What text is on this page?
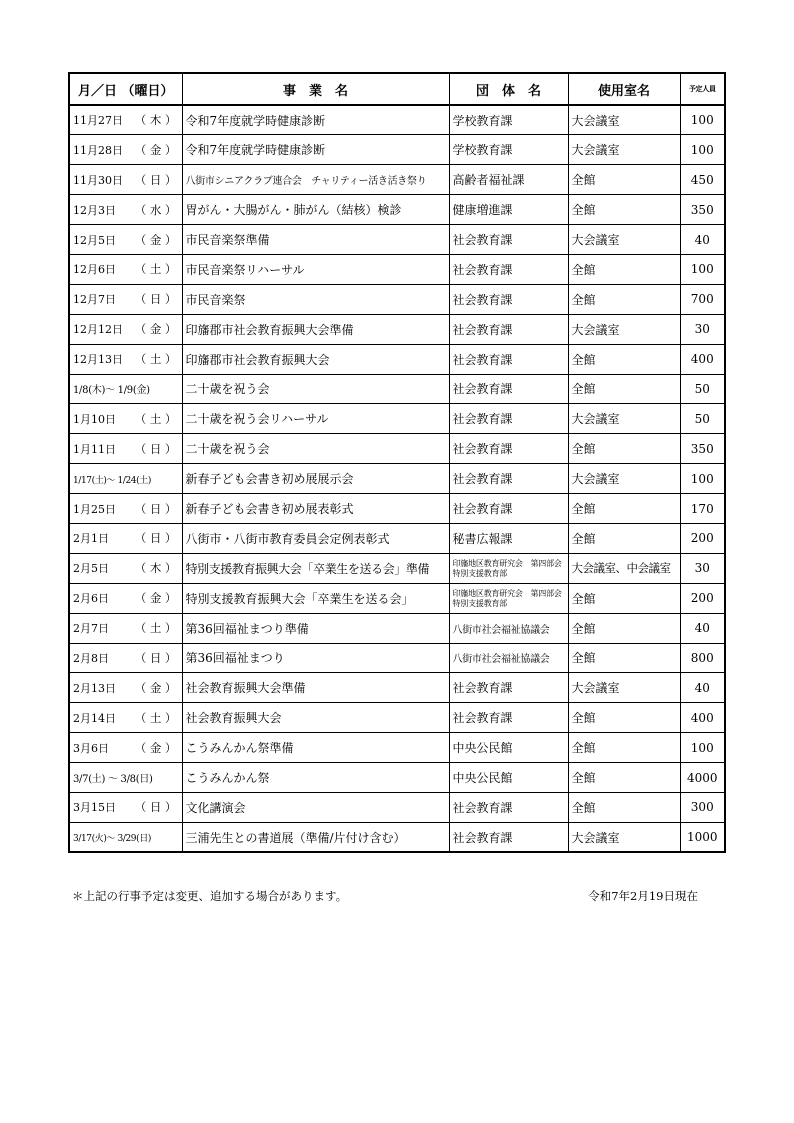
月／日 （曜日）	事　業　名	団　体　名	使用室名	予定人員

11月27日 （ 木 ）	令和7年度就学時健康診断	学校教育課	大会議室	100

11月28日 （ 金 ）	令和7年度就学時健康診断	学校教育課	大会議室	100

11月30日 （ 日 ）	八街市シニアクラブ連合会　チャリティー活き活き祭り	高齢者福祉課	全館	450

12月3日 （ 水 ）	胃がん・大腸がん・肺がん（結核）検診	健康増進課	全館	350

12月5日 （ 金 ）	市民音楽祭準備	社会教育課	大会議室	40

12月6日 （ 土 ）	市民音楽祭リハーサル	社会教育課	全館	100

12月7日 （ 日 ）	市民音楽祭	社会教育課	全館	700

12月12日 （ 金 ）	印旛郡市社会教育振興大会準備	社会教育課	大会議室	30

12月13日 （ 土 ）	印旛郡市社会教育振興大会	社会教育課	全館	400
1/8(木)～ 1/9(金)	二十歳を祝う会	社会教育課	全館	50

1月10日 （ 土 ）	二十歳を祝う会リハーサル	社会教育課	大会議室	50

1月11日 （ 日 ）	二十歳を祝う会	社会教育課	全館	350
1/17(土)～ 1/24(土)	新春子ども会書き初め展展示会	社会教育課	大会議室	100

1月25日 （ 日 ）	新春子ども会書き初め展表彰式	社会教育課	全館	170

2月1日 （ 日 ）	八街市・八街市教育委員会定例表彰式	秘書広報課	全館	200

2月5日 （ 木 ）	特別支援教育振興大会「卒業生を送る会」準備	印旛地区教育研究会　第四部会特別支援教育部	大会議室、中会議室	30

2月6日 （ 金 ）	特別支援教育振興大会「卒業生を送る会」	印旛地区教育研究会　第四部会特別支援教育部	全館	200

2月7日 （ 土 ）	第36回福祉まつり準備	八街市社会福祉協議会	全館	40

2月8日 （ 日 ）	第36回福祉まつり	八街市社会福祉協議会	全館	800

2月13日 （ 金 ）	社会教育振興大会準備	社会教育課	大会議室	40

2月14日 （ 土 ）	社会教育振興大会	社会教育課	全館	400

3月6日 （ 金 ）	こうみんかん祭準備	中央公民館	全館	100
3/7(土) ～ 3/8(日)	こうみんかん祭	中央公民館	全館	4000

3月15日 （ 日 ）	文化講演会	社会教育課	全館	300
3/17(火)～ 3/29(日)	三浦先生との書道展（準備/片付け含む）	社会教育課	大会議室	1000
＊上記の行事予定は変更、追加する場合があります。	令和7年2月19日現在
